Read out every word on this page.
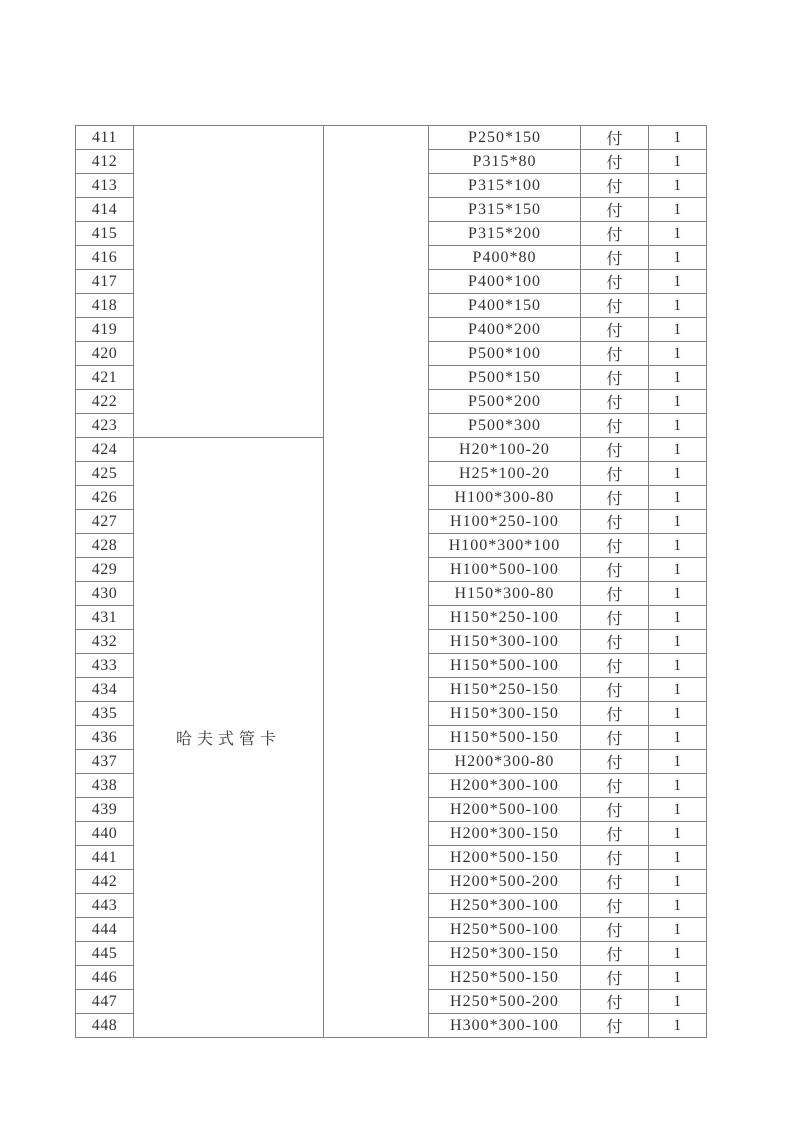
411			P250*150	付	1
412			P315*80	付	1
413			P315*100	付	1
414			P315*150	付	1
415			P315*200	付	1
416			P400*80	付	1
417			P400*100	付	1
418			P400*150	付	1
419			P400*200	付	1
420			P500*100	付	1
421			P500*150	付	1
422			P500*200	付	1
423			P500*300	付	1
424	哈夫式管卡		H20*100-20	付	1
425			H25*100-20	付	1
426			H100*300-80	付	1
427			H100*250-100	付	1
428			H100*300*100	付	1
429			H100*500-100	付	1
430			H150*300-80	付	1
431			H150*250-100	付	1
432			H150*300-100	付	1
433			H150*500-100	付	1
434			H150*250-150	付	1
435			H150*300-150	付	1
436			H150*500-150	付	1
437			H200*300-80	付	1
438			H200*300-100	付	1
439			H200*500-100	付	1
440			H200*300-150	付	1
441			H200*500-150	付	1
442			H200*500-200	付	1
443			H250*300-100	付	1
444			H250*500-100	付	1
445			H250*300-150	付	1
446			H250*500-150	付	1
447			H250*500-200	付	1
448			H300*300-100	付	1
